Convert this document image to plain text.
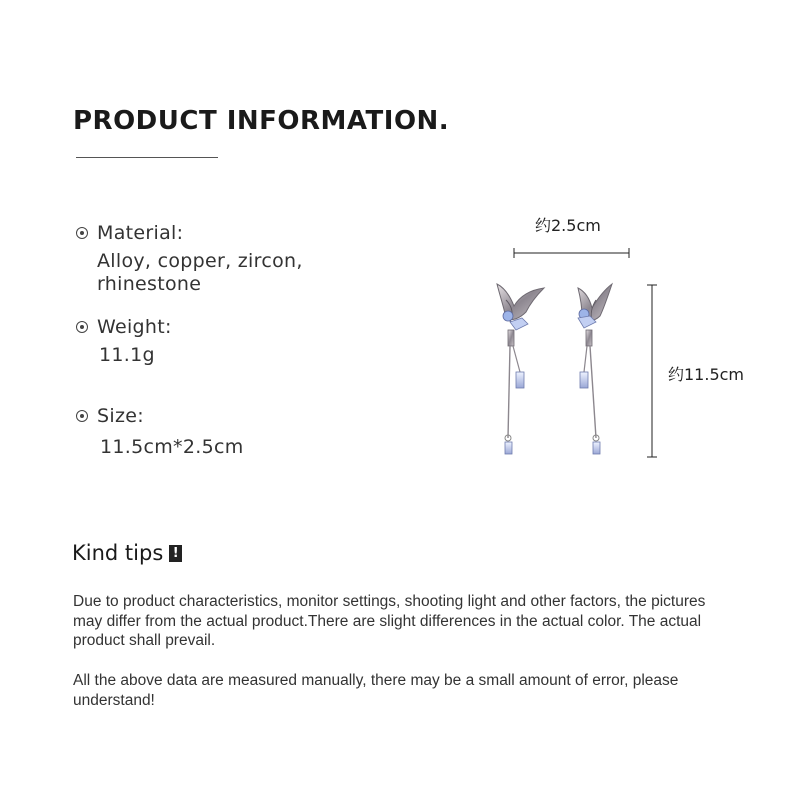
PRODUCT INFORMATION.
Material:
Alloy, copper, zircon, rhinestone
Weight:
11.1g
Size:
11.5cm*2.5cm
约2.5cm
约11.5cm
Kind tips !
Due to product characteristics, monitor settings, shooting light and other factors, the pictures may differ from the actual product.There are slight differences in the actual color. The actual product shall prevail.
All the above data are measured manually, there may be a small amount of error, please understand!
